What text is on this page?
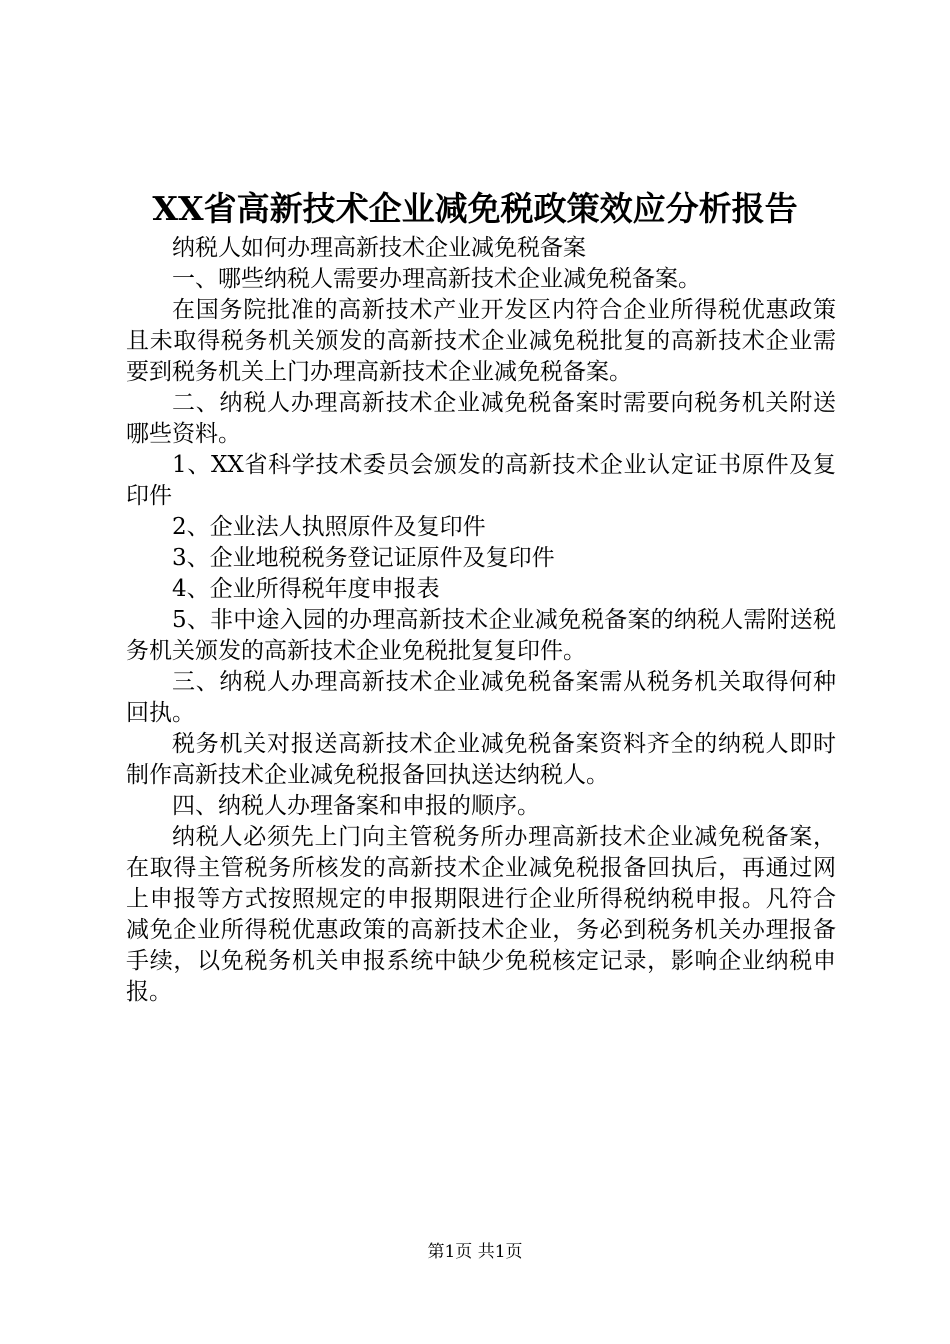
XX省高新技术企业减免税政策效应分析报告

纳税人如何办理高新技术企业减免税备案

一、哪些纳税人需要办理高新技术企业减免税备案。

在国务院批准的高新技术产业开发区内符合企业所得税优惠政策且未取得税务机关颁发的高新技术企业减免税批复的高新技术企业需要到税务机关上门办理高新技术企业减免税备案。

二、纳税人办理高新技术企业减免税备案时需要向税务机关附送哪些资料。

1、XX省科学技术委员会颁发的高新技术企业认定证书原件及复印件

2、企业法人执照原件及复印件

3、企业地税税务登记证原件及复印件

4、企业所得税年度申报表

5、非中途入园的办理高新技术企业减免税备案的纳税人需附送税务机关颁发的高新技术企业免税批复复印件。

三、纳税人办理高新技术企业减免税备案需从税务机关取得何种回执。

税务机关对报送高新技术企业减免税备案资料齐全的纳税人即时制作高新技术企业减免税报备回执送达纳税人。

四、纳税人办理备案和申报的顺序。

纳税人必须先上门向主管税务所办理高新技术企业减免税备案，在取得主管税务所核发的高新技术企业减免税报备回执后，再通过网上申报等方式按照规定的申报期限进行企业所得税纳税申报。凡符合减免企业所得税优惠政策的高新技术企业，务必到税务机关办理报备手续，以免税务机关申报系统中缺少免税核定记录，影响企业纳税申报。

第1页 共1页
